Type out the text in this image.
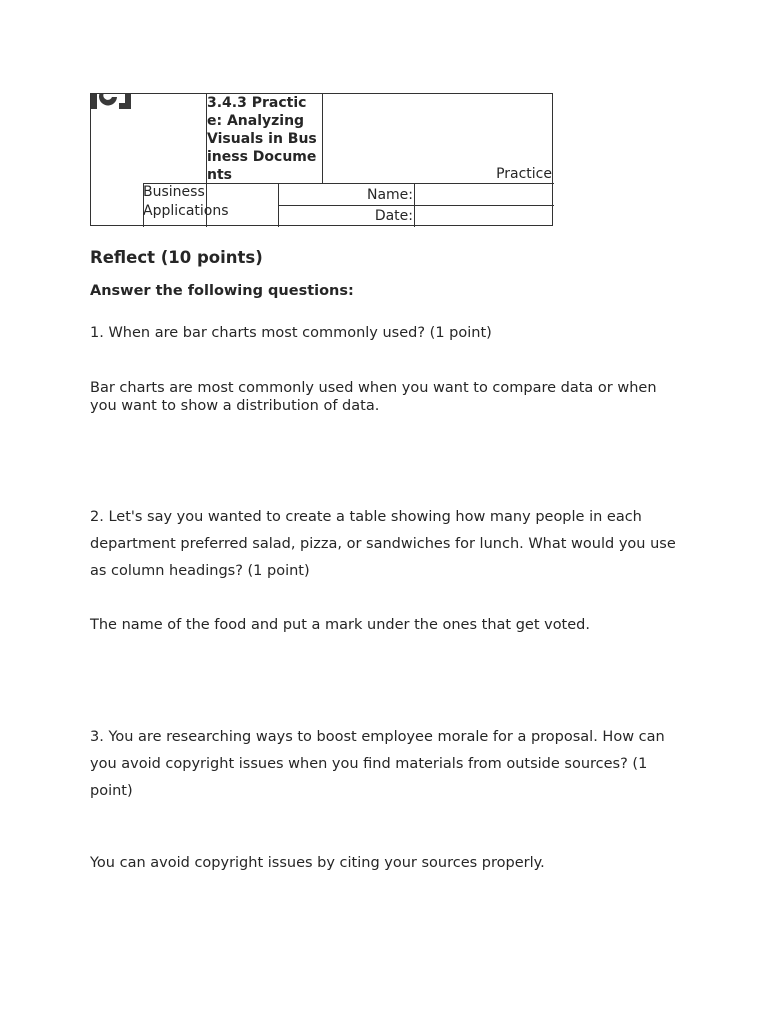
3.4.3 Practice: Analyzing Visuals in Business Documents	Practice
Business Applications
Name:
Date:
Reflect (10 points)
Answer the following questions:
1. When are bar charts most commonly used? (1 point)
Bar charts are most commonly used when you want to compare data or when you want to show a distribution of data.
2. Let's say you wanted to create a table showing how many people in each department preferred salad, pizza, or sandwiches for lunch. What would you use as column headings? (1 point)
The name of the food and put a mark under the ones that get voted.
3. You are researching ways to boost employee morale for a proposal. How can you avoid copyright issues when you find materials from outside sources? (1 point)
You can avoid copyright issues by citing your sources properly.
